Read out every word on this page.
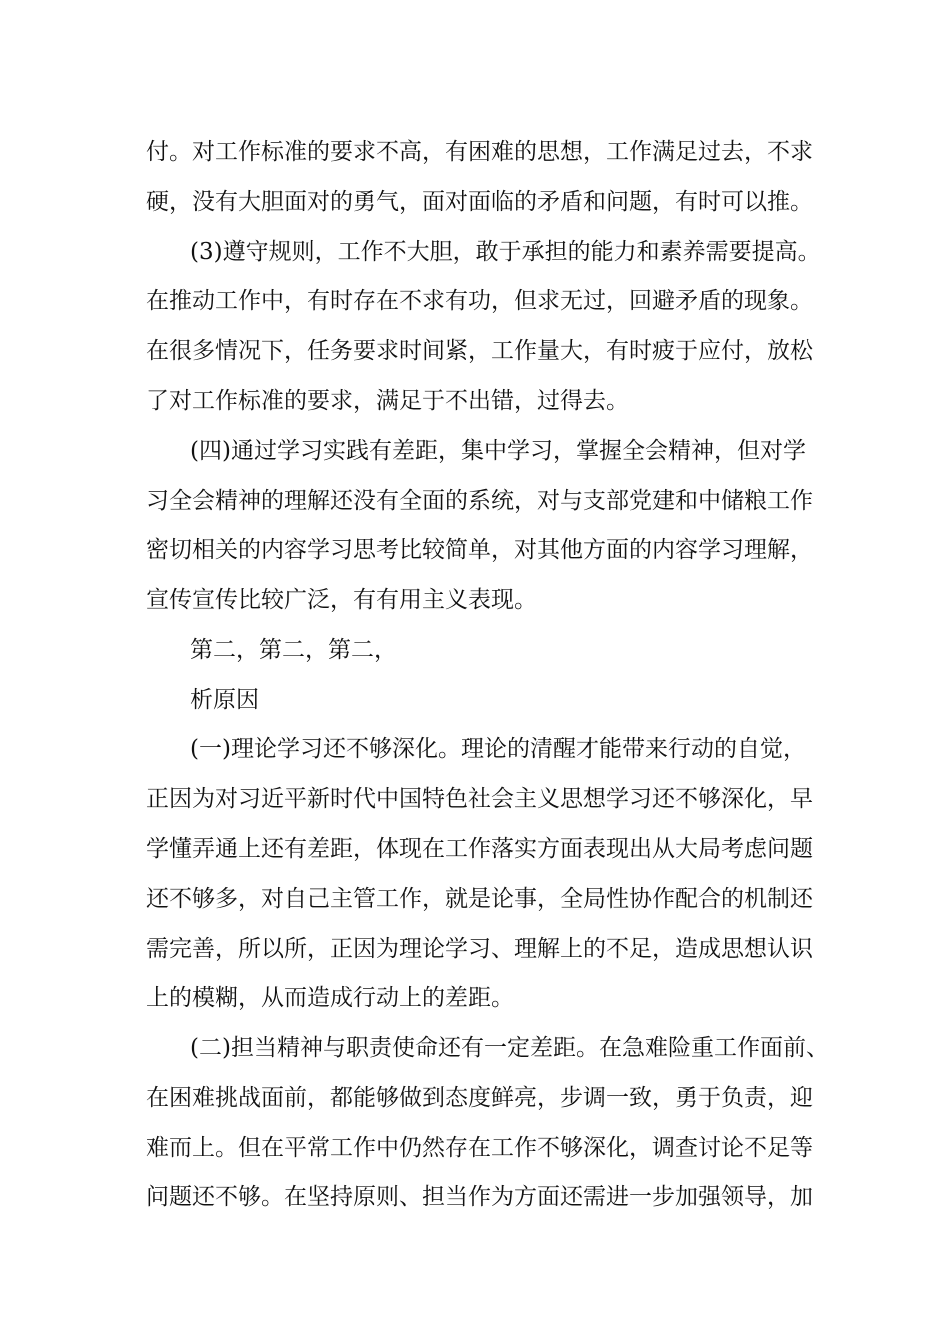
付。对工作标准的要求不高，有困难的思想，工作满足过去，不求
硬，没有大胆面对的勇气，面对面临的矛盾和问题，有时可以推。
(3)遵守规则，工作不大胆，敢于承担的能力和素养需要提高。
在推动工作中，有时存在不求有功，但求无过，回避矛盾的现象。
在很多情况下，任务要求时间紧，工作量大，有时疲于应付，放松
了对工作标准的要求，满足于不出错，过得去。
(四)通过学习实践有差距，集中学习，掌握全会精神，但对学
习全会精神的理解还没有全面的系统，对与支部党建和中储粮工作
密切相关的内容学习思考比较简单，对其他方面的内容学习理解，
宣传宣传比较广泛，有有用主义表现。
第二，第二，第二，
析原因
(一)理论学习还不够深化。理论的清醒才能带来行动的自觉，
正因为对习近平新时代中国特色社会主义思想学习还不够深化，早
学懂弄通上还有差距，体现在工作落实方面表现出从大局考虑问题
还不够多，对自己主管工作，就是论事，全局性协作配合的机制还
需完善，所以所，正因为理论学习、理解上的不足，造成思想认识
上的模糊，从而造成行动上的差距。
(二)担当精神与职责使命还有一定差距。在急难险重工作面前、
在困难挑战面前，都能够做到态度鲜亮，步调一致，勇于负责，迎
难而上。但在平常工作中仍然存在工作不够深化，调查讨论不足等
问题还不够。在坚持原则、担当作为方面还需进一步加强领导，加
